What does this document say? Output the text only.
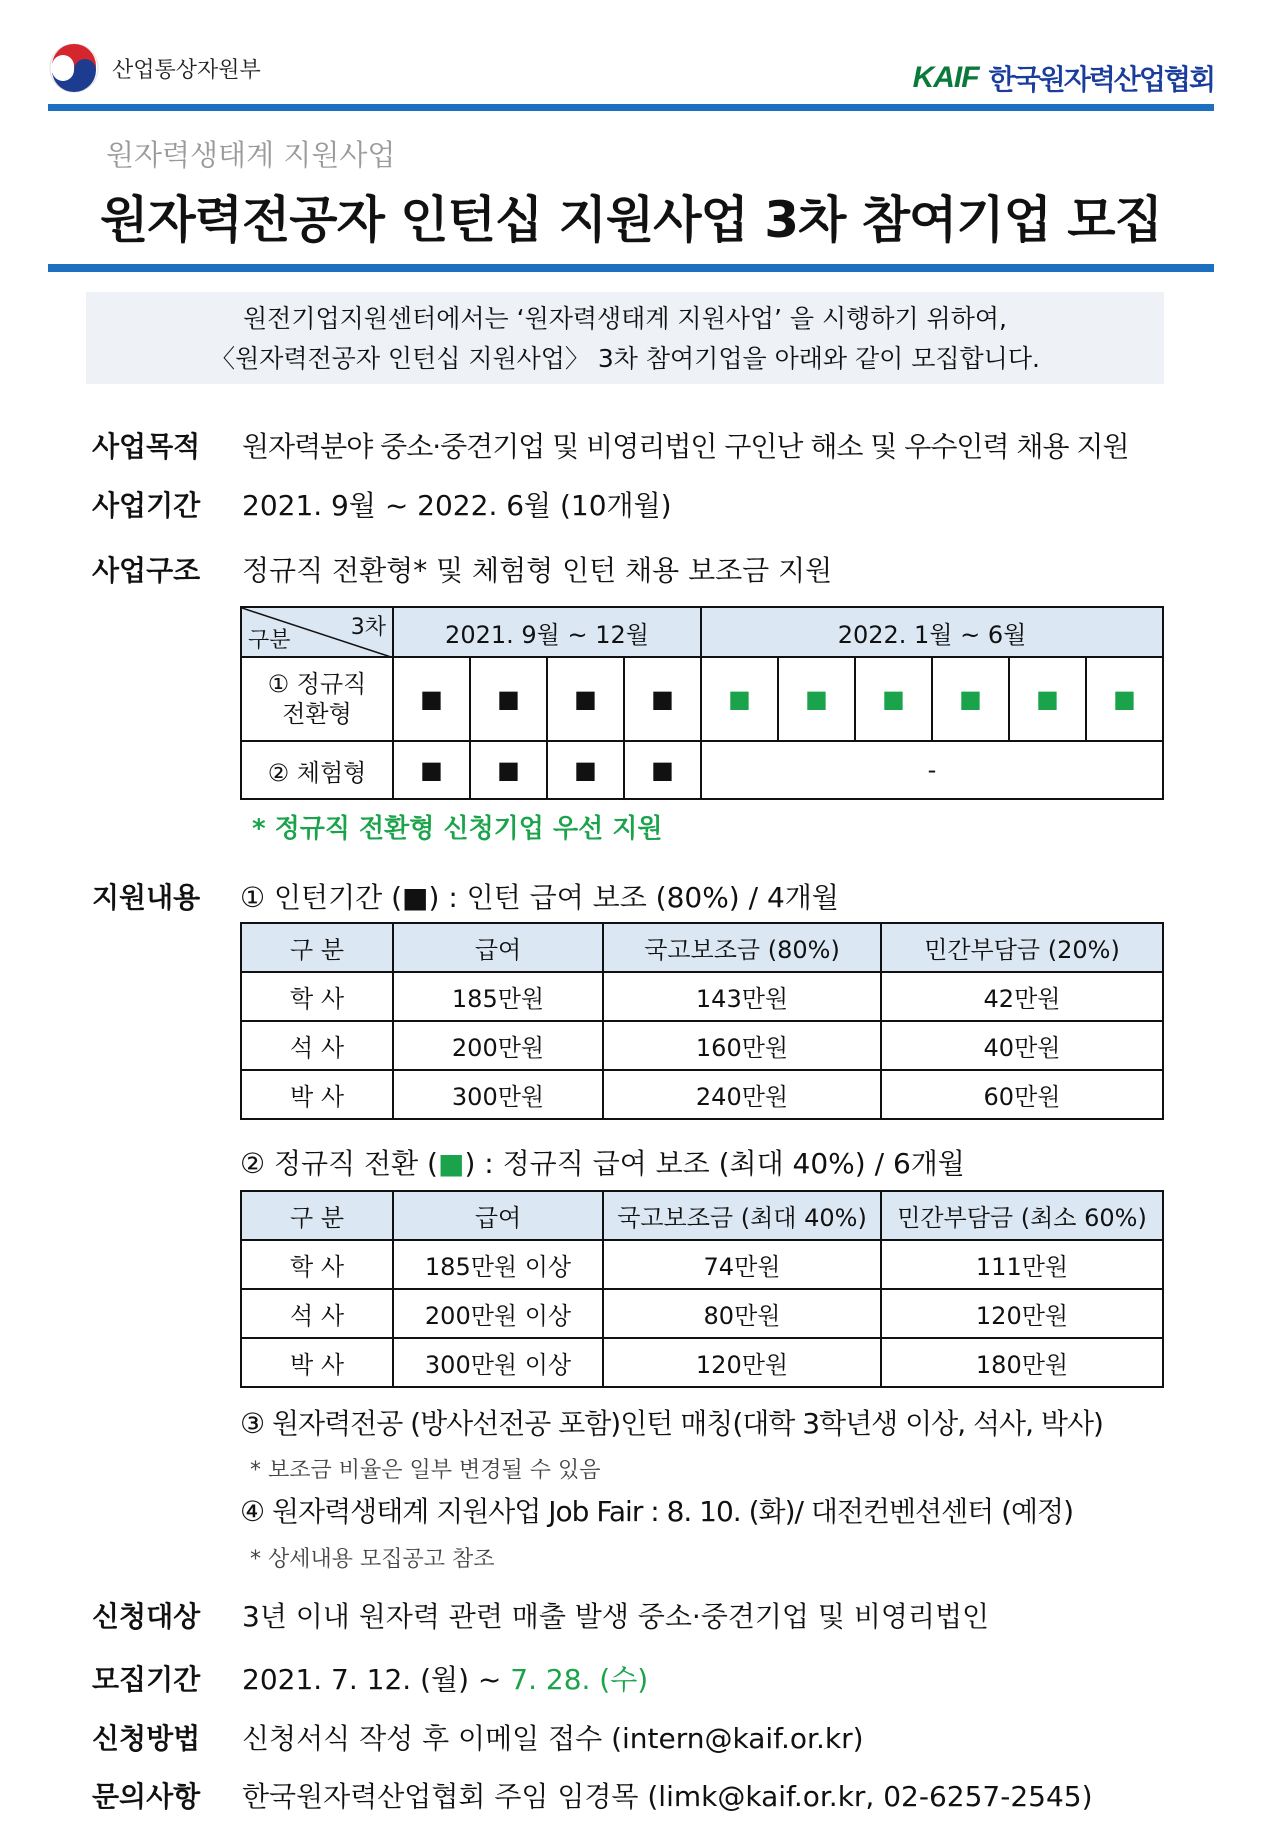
산업통상자원부	KAIF 한국원자력산업협회
원자력생태계 지원사업
원자력전공자 인턴십 지원사업 3차 참여기업 모집
원전기업지원센터에서는 ‘원자력생태계 지원사업’ 을 시행하기 위하여,
〈원자력전공자 인턴십 지원사업〉 3차 참여기업을 아래와 같이 모집합니다.
사업목적	원자력분야 중소·중견기업 및 비영리법인 구인난 해소 및 우수인력 채용 지원
사업기간	2021. 9월 ~ 2022. 6월 (10개월)
사업구조	정규직 전환형* 및 체험형 인턴 채용 보조금 지원
3차
구분	2021. 9월 ~ 12월				2022. 1월 ~ 6월					

① 정규직
전환형	■	■	■	■	■	■	■	■	■	■
② 체험형	■	■	■	■	-					
* 정규직 전환형 신청기업 우선 지원
지원내용	① 인턴기간 (■) : 인턴 급여 보조 (80%) / 4개월
구 분	급여	국고보조금 (80%)	민간부담금 (20%)
학 사	185만원	143만원	42만원
석 사	200만원	160만원	40만원
박 사	300만원	240만원	60만원
② 정규직 전환 (■) : 정규직 급여 보조 (최대 40%) / 6개월
구 분	급여	국고보조금 (최대 40%)	민간부담금 (최소 60%)
학 사	185만원 이상	74만원	111만원
석 사	200만원 이상	80만원	120만원
박 사	300만원 이상	120만원	180만원
③ 원자력전공 (방사선전공 포함)인턴 매칭(대학 3학년생 이상, 석사, 박사)
* 보조금 비율은 일부 변경될 수 있음
④ 원자력생태계 지원사업 Job Fair : 8. 10. (화)/ 대전컨벤션센터 (예정)
* 상세내용 모집공고 참조
신청대상	3년 이내 원자력 관련 매출 발생 중소·중견기업 및 비영리법인
모집기간	2021. 7. 12. (월) ~ 7. 28. (수)
신청방법	신청서식 작성 후 이메일 접수 (intern@kaif.or.kr)
문의사항	한국원자력산업협회 주임 임경목 (limk@kaif.or.kr, 02-6257-2545)
